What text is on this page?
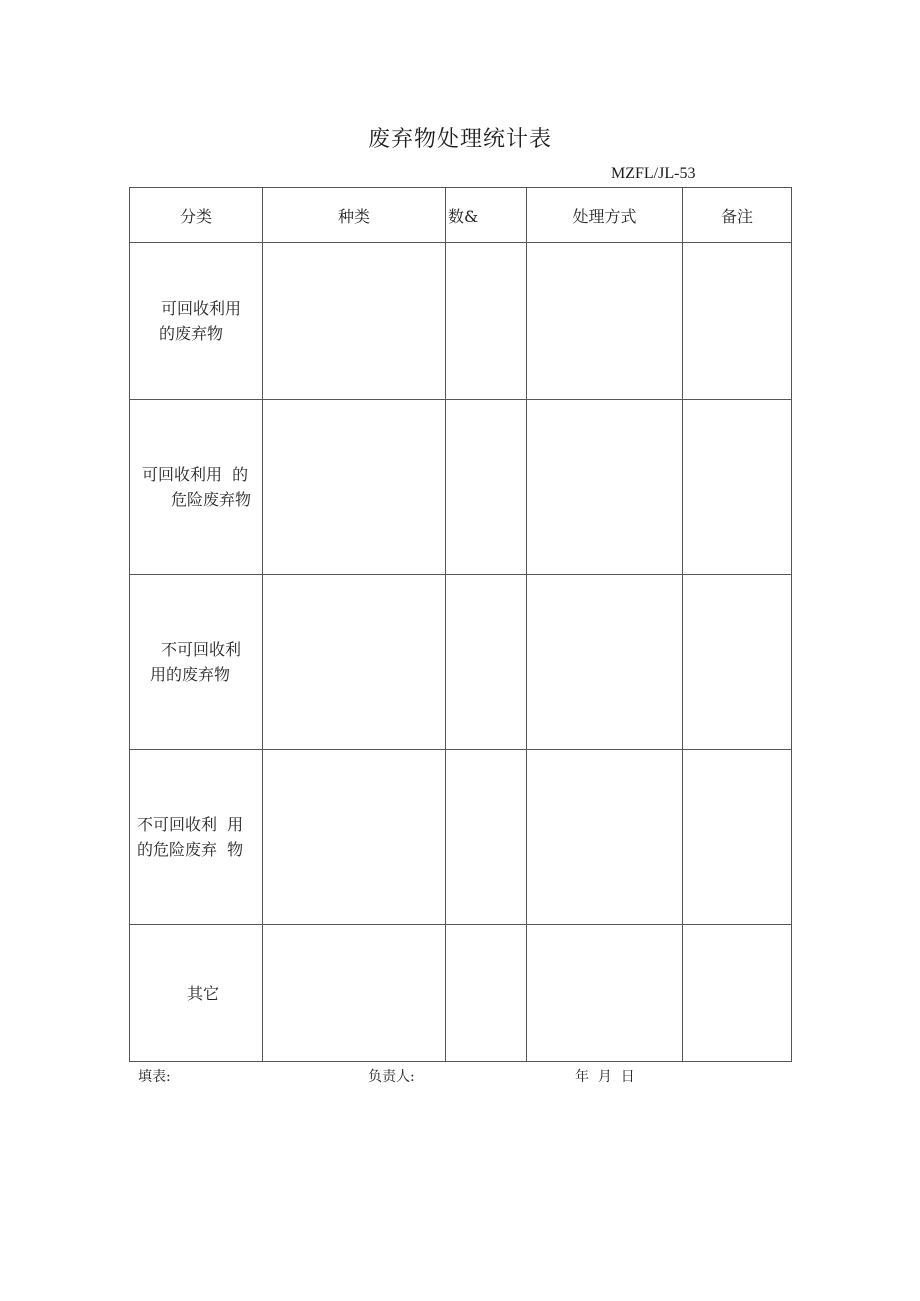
废弃物处理统计表
MZFL/JL-53
分类	种类	数&	处理方式	备注

可回收利用
的废弃物				

可回收利用  的
危险废弃物				

不可回收利
用的废弃物				

不可回收利  用
的危险废弃  物				

其它				

填表:	负责人:	年  月  日
